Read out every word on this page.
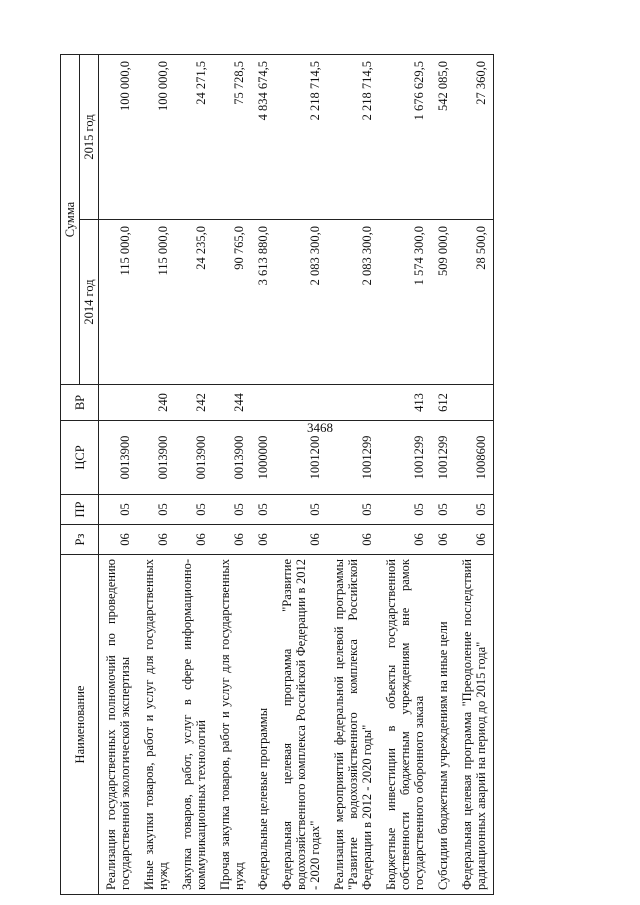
3468
Наименование	Рз	ПР	ЦСР	ВР	Сумма	
					2014 год	2015 год
Реализация государственных полномочий по проведению государственной экологической экспертизы	06	05	0013900		115 000,0	100 000,0
Иные закупки товаров, работ и услуг для государственных нужд	06	05	0013900	240	115 000,0	100 000,0
Закупка товаров, работ, услуг в сфере информационно-коммуникационных технологий	06	05	0013900	242	24 235,0	24 271,5
Прочая закупка товаров, работ и услуг для государственных нужд	06	05	0013900	244	90 765,0	75 728,5
Федеральные целевые программы	06	05	1000000		3 613 880,0	4 834 674,5
Федеральная целевая программа "Развитие водохозяйственного комплекса Российской Федерации в 2012 - 2020 годах"	06	05	1001200		2 083 300,0	2 218 714,5
Реализация мероприятий федеральной целевой программы "Развитие водохозяйственного комплекса Российской Федерации в 2012 - 2020 годы"	06	05	1001299		2 083 300,0	2 218 714,5
Бюджетные инвестиции в объекты государственной собственности бюджетным учреждениям вне рамок государственного оборонного заказа	06	05	1001299	413	1 574 300,0	1 676 629,5
Субсидии бюджетным учреждениям на иные цели	06	05	1001299	612	509 000,0	542 085,0
Федеральная целевая программа "Преодоление последствий радиационных аварий на период до 2015 года"	06	05	1008600		28 500,0	27 360,0
